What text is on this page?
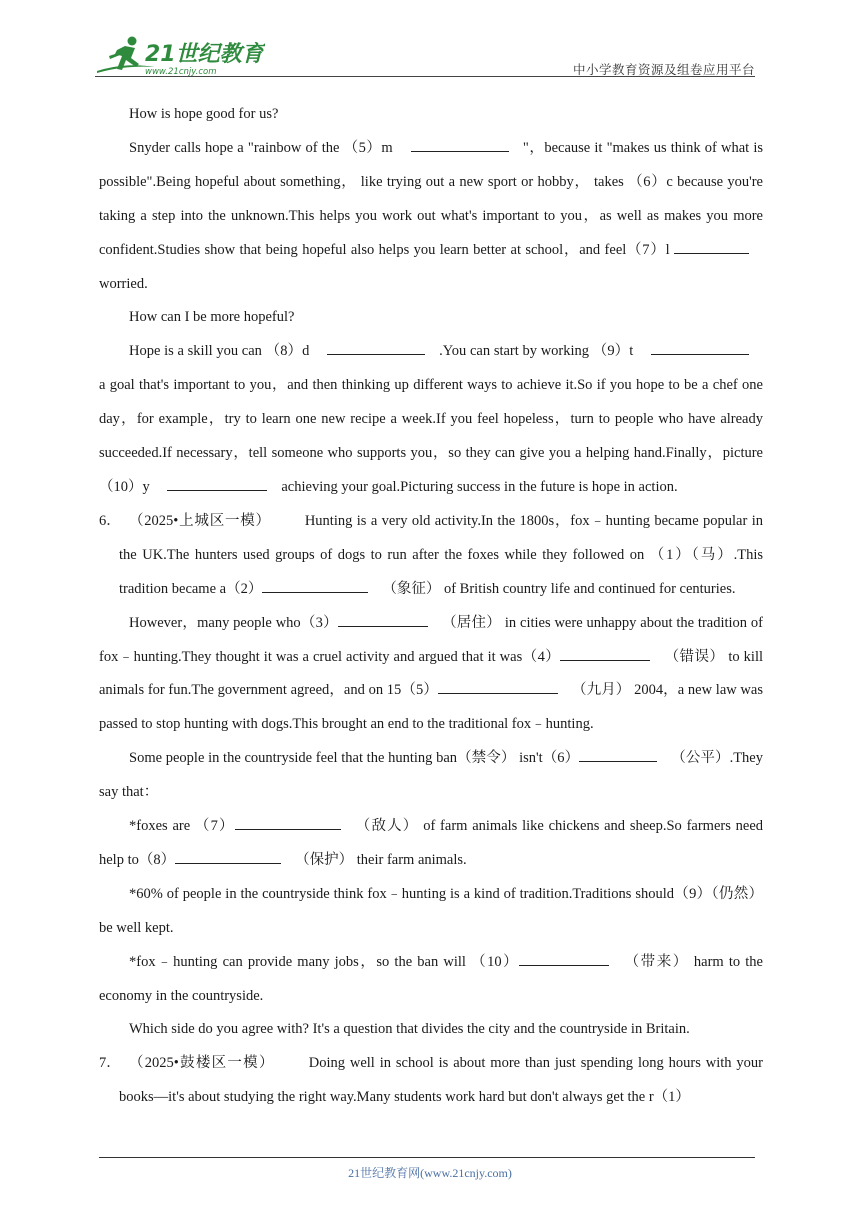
21世纪教育
www.21cnjy.com	中小学教育资源及组卷应用平台

How is hope good for us?

Snyder calls hope a "rainbow of the （5）m	"，because it "makes us think of what is possible".Being hopeful about something， like trying out a new sport or hobby， takes （6）c because you're taking a step into the unknown.This helps you work out what's important to you，as well as makes you more confident.Studies show that being hopeful also helps you learn better at school，and feel（7）l worried.

How can I be more hopeful?

Hope is a skill you can （8）d	.You can start by working （9）t a goal that's important to you，and then thinking up different ways to achieve it.So if you hope to be a chef one day，for example，try to learn one new recipe a week.If you feel hopeless，turn to people who have already succeeded.If necessary，tell someone who supports you，so they can give you a helping hand.Finally，picture（10）y	achieving your goal.Picturing success in the future is hope in action.

6． （2025•上城区一模） Hunting is a very old activity.In the 1800s，fox﹣hunting became popular in the UK.The hunters used groups of dogs to run after the foxes while they followed on （1）（马）.This tradition became a（2）	（象征） of British country life and continued for centuries.

However，many people who（3）	（居住） in cities were unhappy about the tradition of fox﹣hunting.They thought it was a cruel activity and argued that it was（4）	（错误） to kill animals for fun.The government agreed，and on 15（5）	（九月） 2004，a new law was passed to stop hunting with dogs.This brought an end to the traditional fox﹣hunting.

Some people in the countryside feel that the hunting ban（禁令） isn't（6）	（公平）.They say that：

*foxes are （7）	（敌人） of farm animals like chickens and sheep.So farmers need help to（8）	（保护） their farm animals.

*60% of people in the countryside think fox﹣hunting is a kind of tradition.Traditions should（9）（仍然） be well kept.

*fox﹣hunting can provide many jobs，so the ban will （10）	（带来） harm to the economy in the countryside.

Which side do you agree with? It's a question that divides the city and the countryside in Britain.

7． （2025•鼓楼区一模） Doing well in school is about more than just spending long hours with your books—it's about studying the right way.Many students work hard but don't always get the r（1）
21世纪教育网(www.21cnjy.com)
